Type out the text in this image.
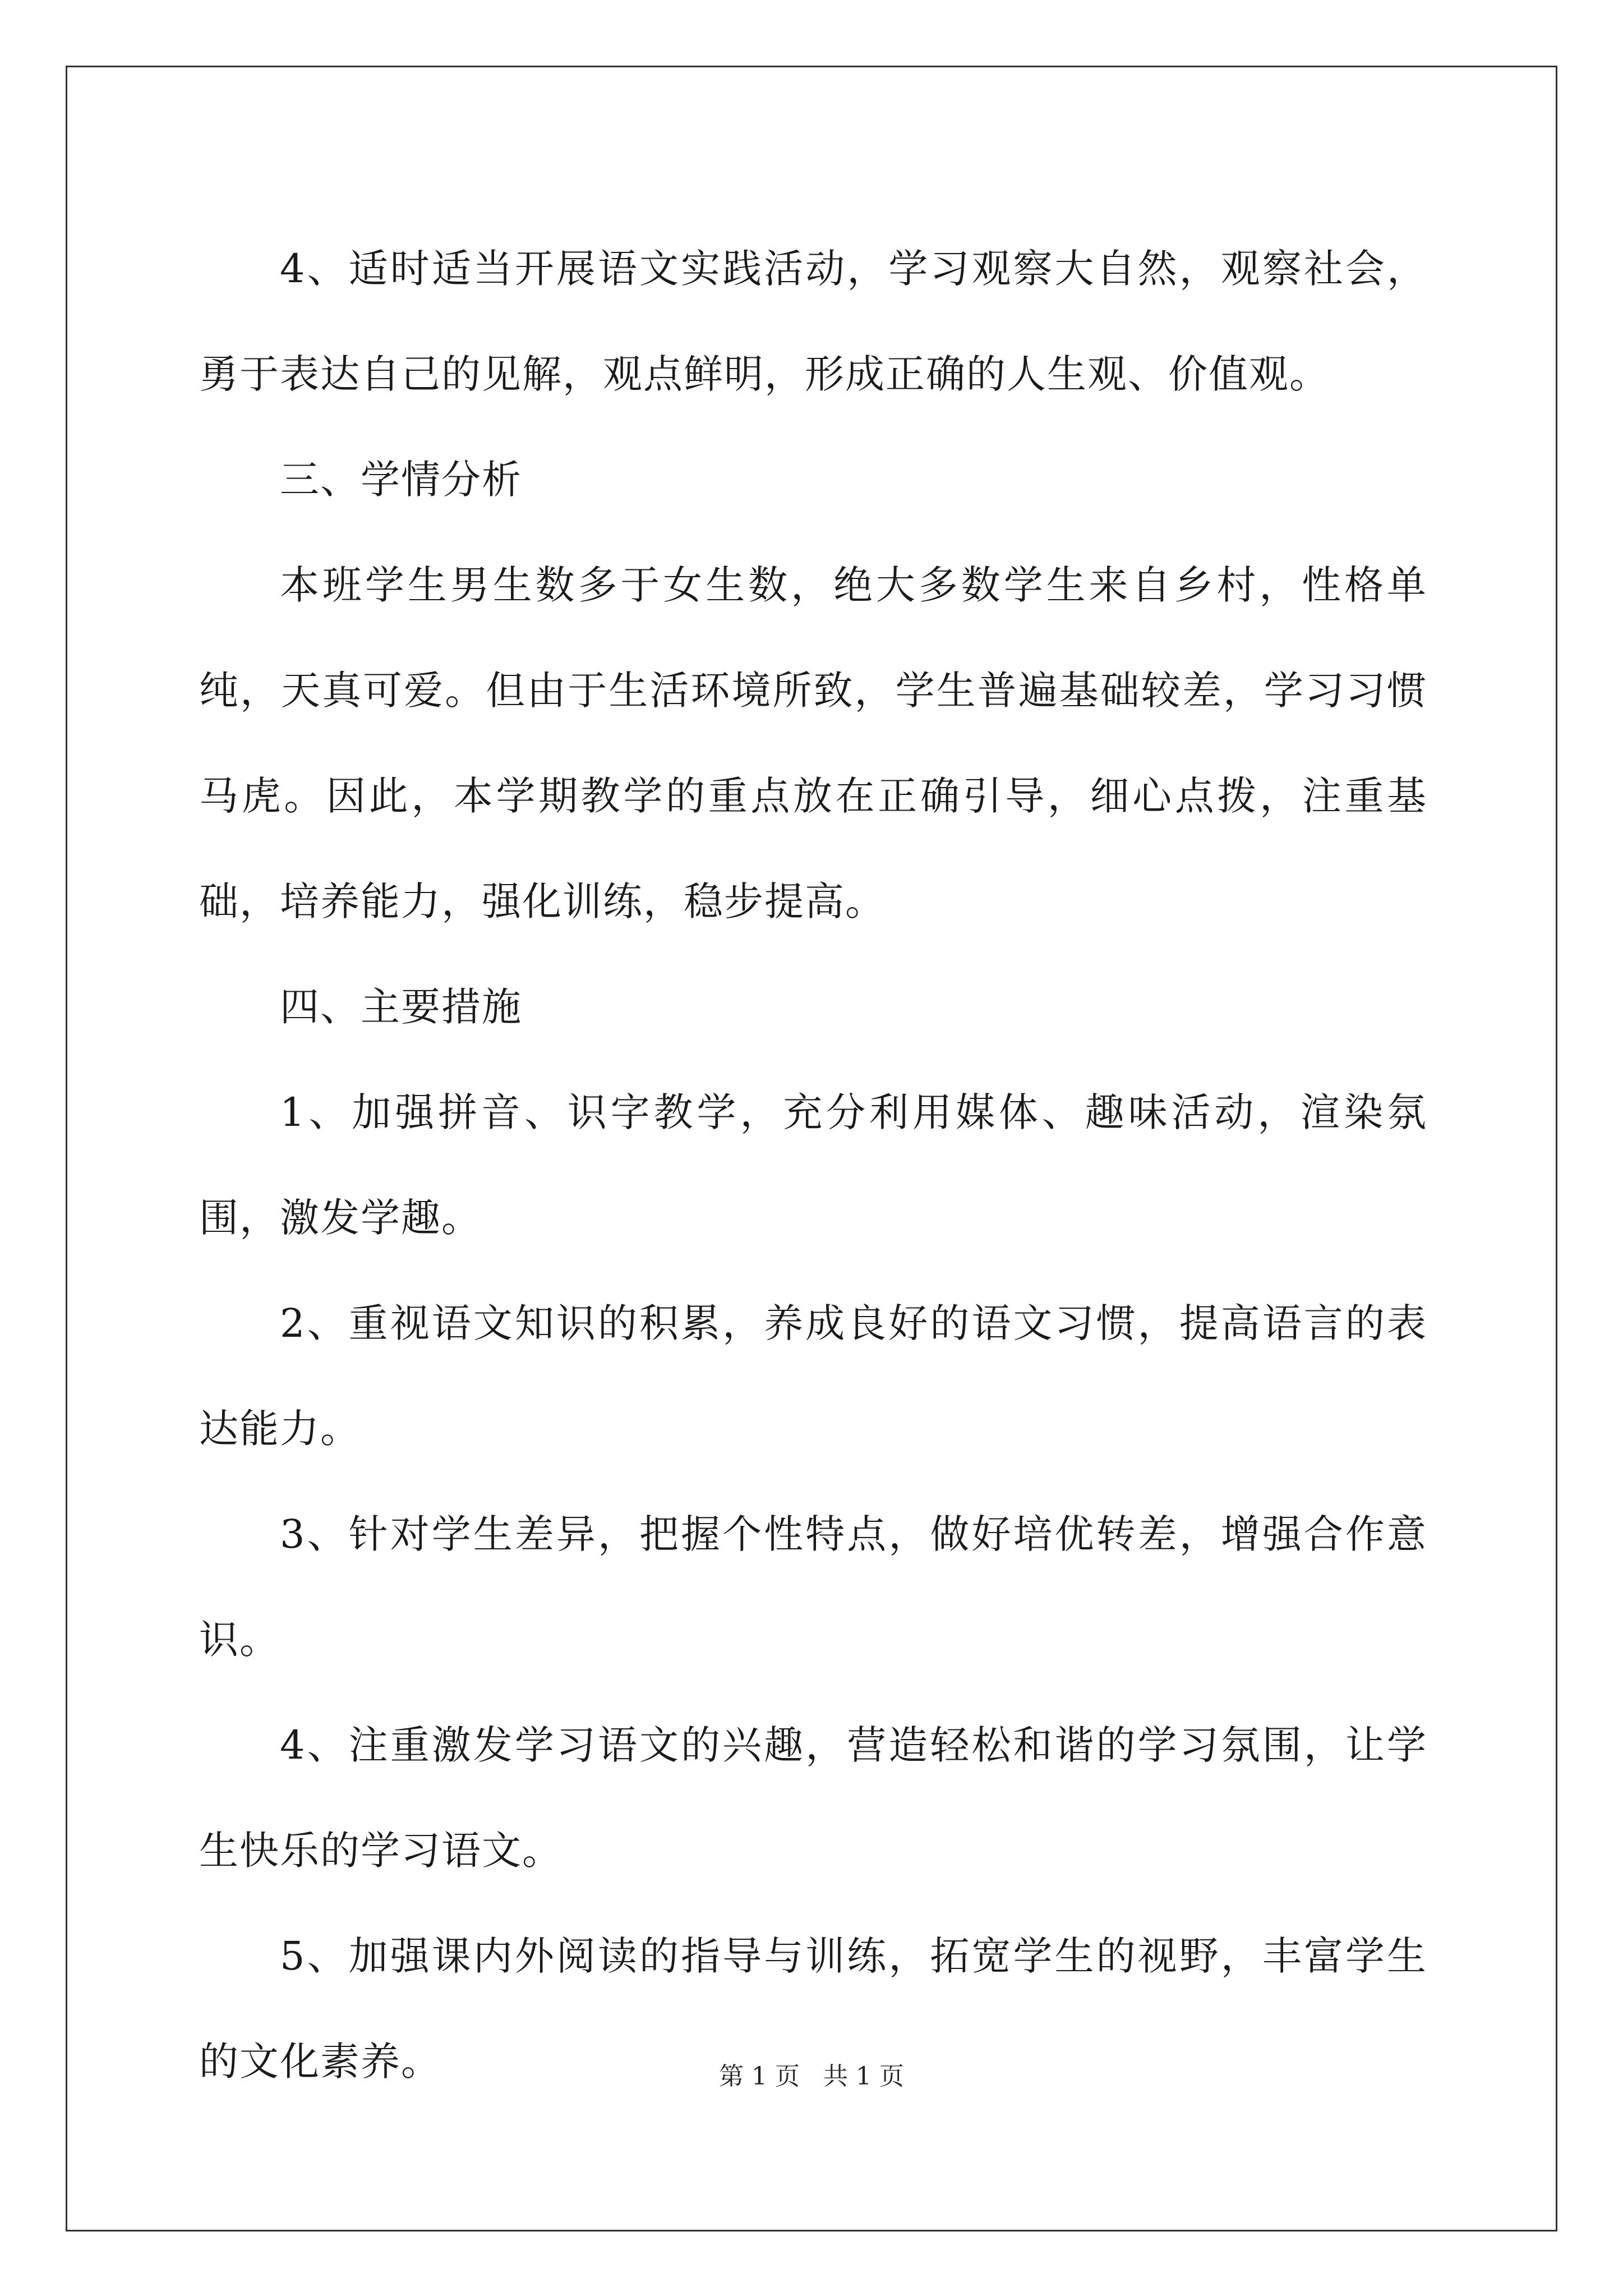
4、适时适当开展语文实践活动，学习观察大自然，观察社会，勇于表达自己的见解，观点鲜明，形成正确的人生观、价值观。

三、学情分析

本班学生男生数多于女生数，绝大多数学生来自乡村，性格单纯，天真可爱。但由于生活环境所致，学生普遍基础较差，学习习惯马虎。因此，本学期教学的重点放在正确引导，细心点拨，注重基础，培养能力，强化训练，稳步提高。

四、主要措施

1、加强拼音、识字教学，充分利用媒体、趣味活动，渲染氛围，激发学趣。

2、重视语文知识的积累，养成良好的语文习惯，提高语言的表达能力。

3、针对学生差异，把握个性特点，做好培优转差，增强合作意识。

4、注重激发学习语文的兴趣，营造轻松和谐的学习氛围，让学生快乐的学习语文。

5、加强课内外阅读的指导与训练，拓宽学生的视野，丰富学生的文化素养。	第 1 页 共 1 页
